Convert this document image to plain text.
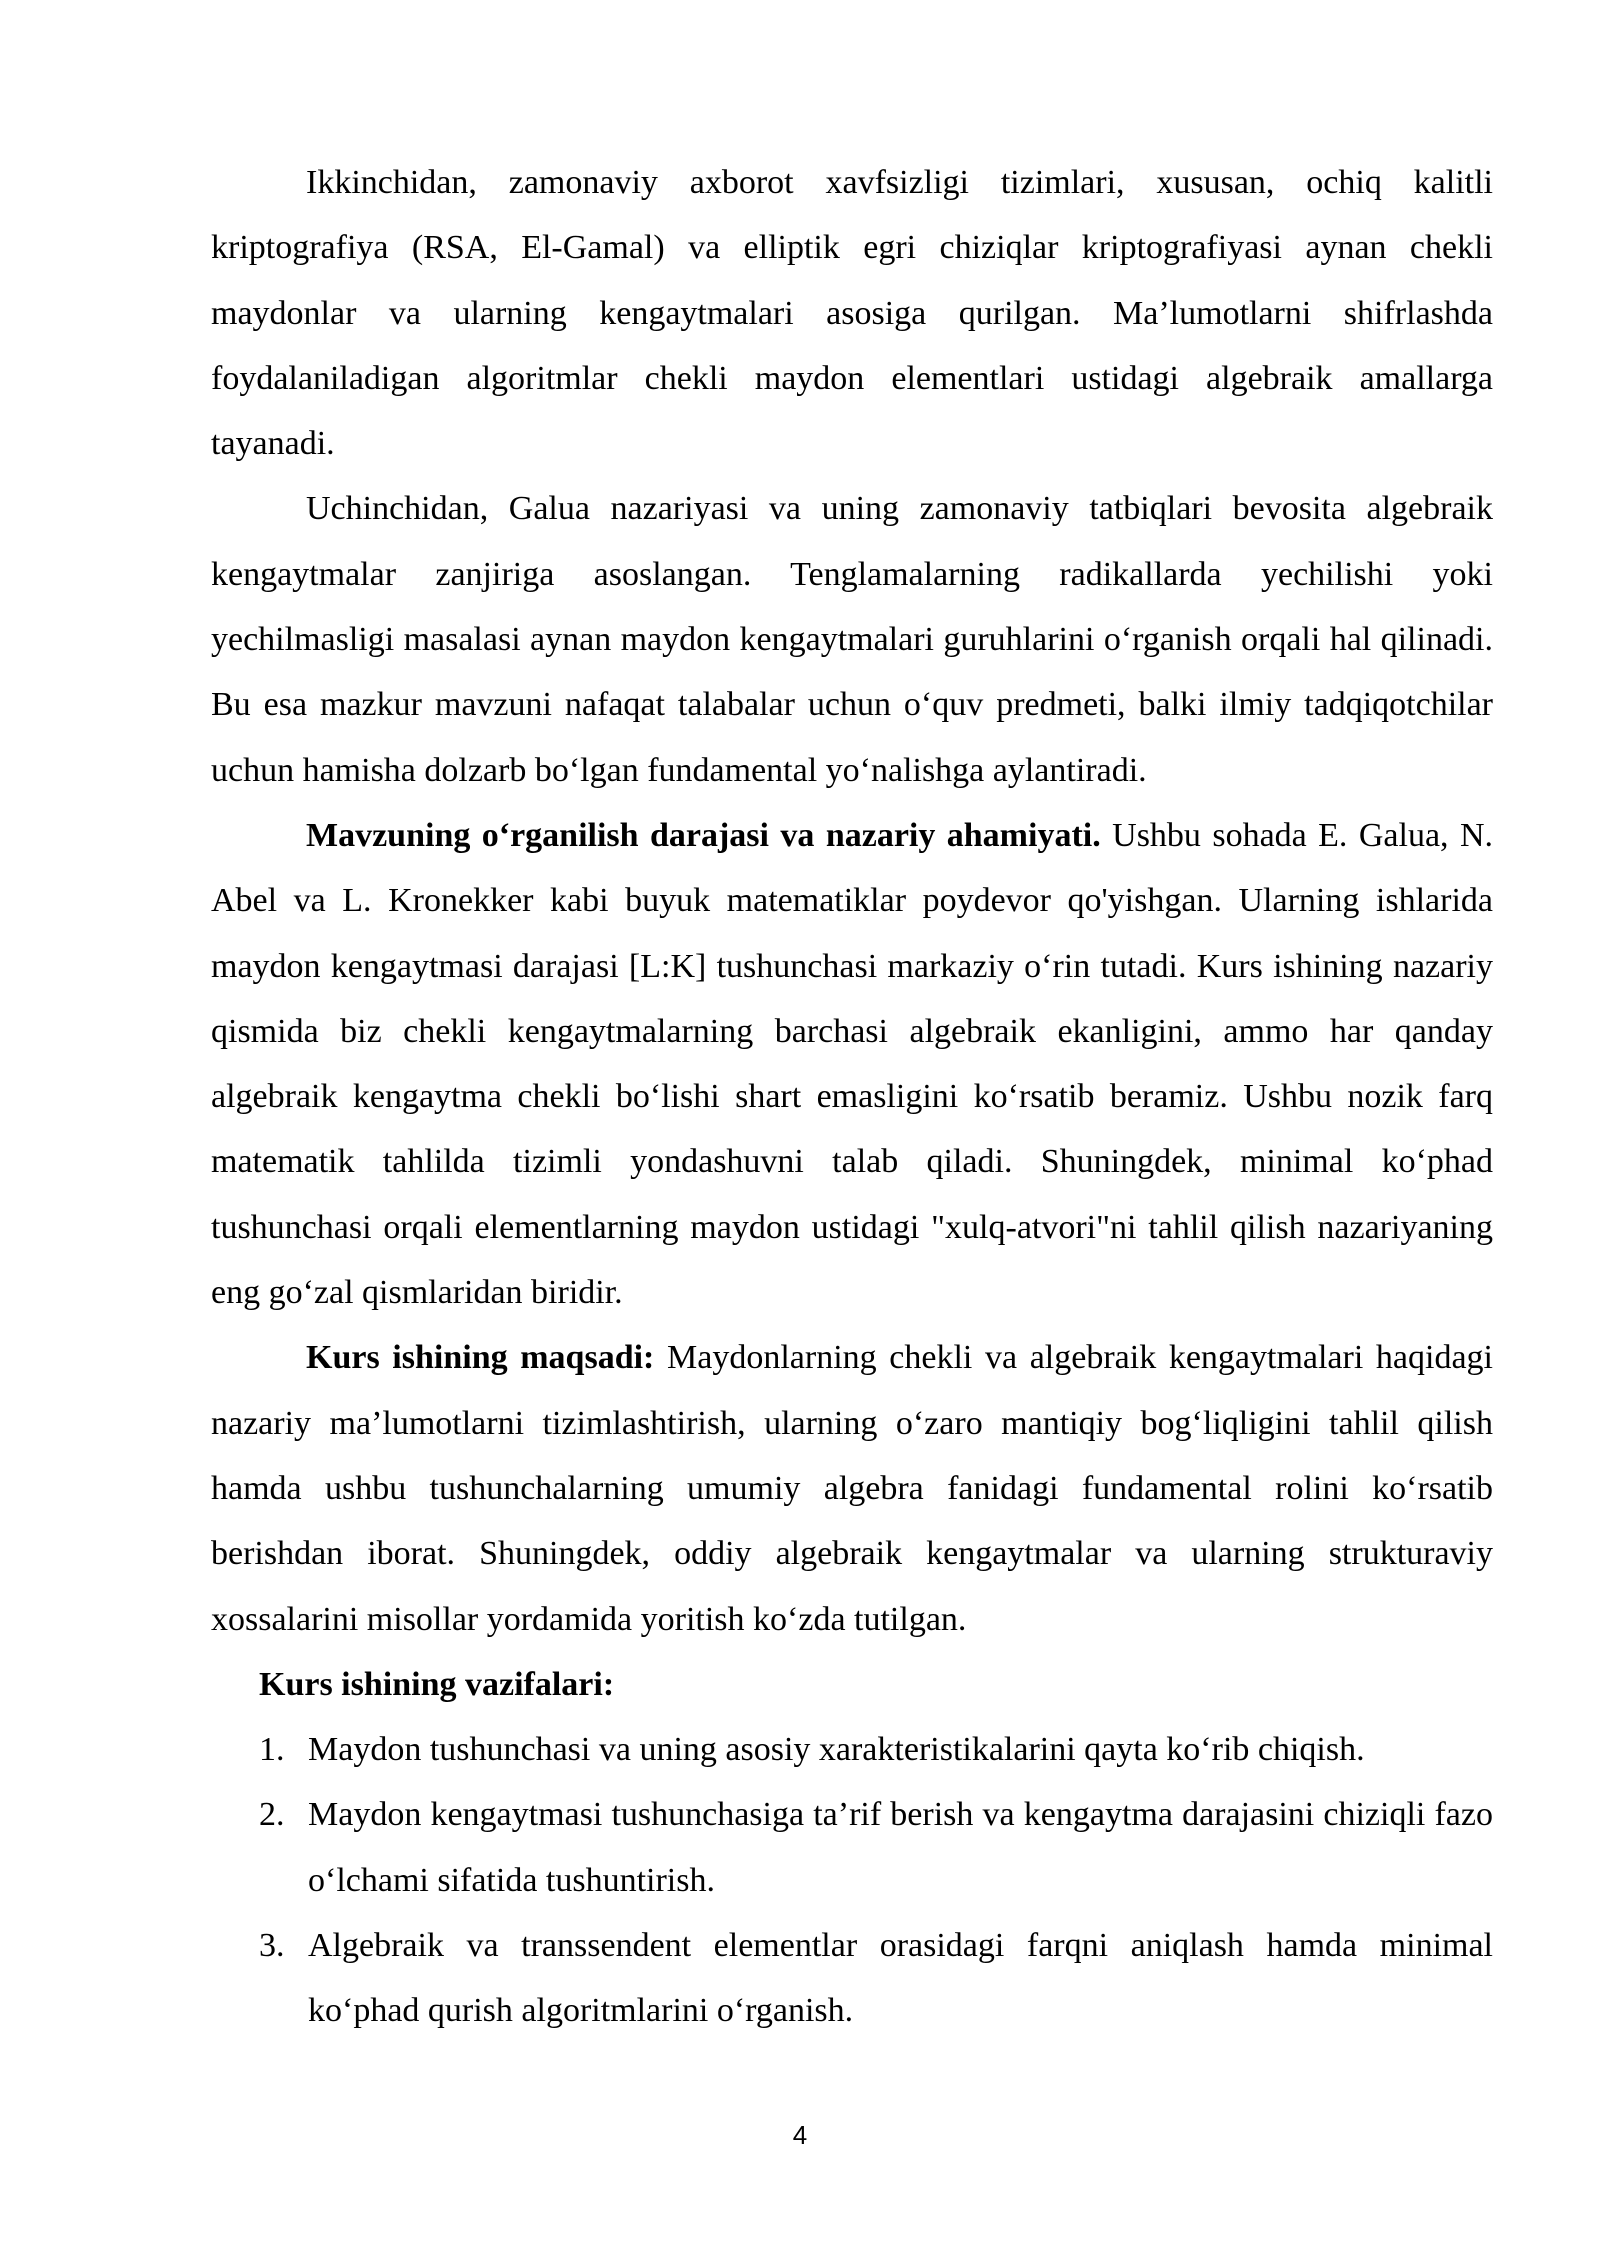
Ikkinchidan, zamonaviy axborot xavfsizligi tizimlari, xususan, ochiq kalitli kriptografiya (RSA, El-Gamal) va elliptik egri chiziqlar kriptografiyasi aynan chekli maydonlar va ularning kengaytmalari asosiga qurilgan. Ma’lumotlarni shifrlashda foydalaniladigan algoritmlar chekli maydon elementlari ustidagi algebraik amallarga tayanadi.

Uchinchidan, Galua nazariyasi va uning zamonaviy tatbiqlari bevosita algebraik kengaytmalar zanjiriga asoslangan. Tenglamalarning radikallarda yechilishi yoki yechilmasligi masalasi aynan maydon kengaytmalari guruhlarini o‘rganish orqali hal qilinadi. Bu esa mazkur mavzuni nafaqat talabalar uchun o‘quv predmeti, balki ilmiy tadqiqotchilar uchun hamisha dolzarb bo‘lgan fundamental yo‘nalishga aylantiradi.

Mavzuning o‘rganilish darajasi va nazariy ahamiyati. Ushbu sohada E. Galua, N. Abel va L. Kronekker kabi buyuk matematiklar poydevor qo'yishgan. Ularning ishlarida maydon kengaytmasi darajasi [L:K] tushunchasi markaziy o‘rin tutadi. Kurs ishining nazariy qismida biz chekli kengaytmalarning barchasi algebraik ekanligini, ammo har qanday algebraik kengaytma chekli bo‘lishi shart emasligini ko‘rsatib beramiz. Ushbu nozik farq matematik tahlilda tizimli yondashuvni talab qiladi. Shuningdek, minimal ko‘phad tushunchasi orqali elementlarning maydon ustidagi "xulq-atvori"ni tahlil qilish nazariyaning eng go‘zal qismlaridan biridir.

Kurs ishining maqsadi: Maydonlarning chekli va algebraik kengaytmalari haqidagi nazariy ma’lumotlarni tizimlashtirish, ularning o‘zaro mantiqiy bog‘liqligini tahlil qilish hamda ushbu tushunchalarning umumiy algebra fanidagi fundamental rolini ko‘rsatib berishdan iborat. Shuningdek, oddiy algebraik kengaytmalar va ularning strukturaviy xossalarini misollar yordamida yoritish ko‘zda tutilgan.

Kurs ishining vazifalari:

1. Maydon tushunchasi va uning asosiy xarakteristikalarini qayta ko‘rib chiqish.
2. Maydon kengaytmasi tushunchasiga ta’rif berish va kengaytma darajasini chiziqli fazo o‘lchami sifatida tushuntirish.
3. Algebraik va transsendent elementlar orasidagi farqni aniqlash hamda minimal ko‘phad qurish algoritmlarini o‘rganish.
4
